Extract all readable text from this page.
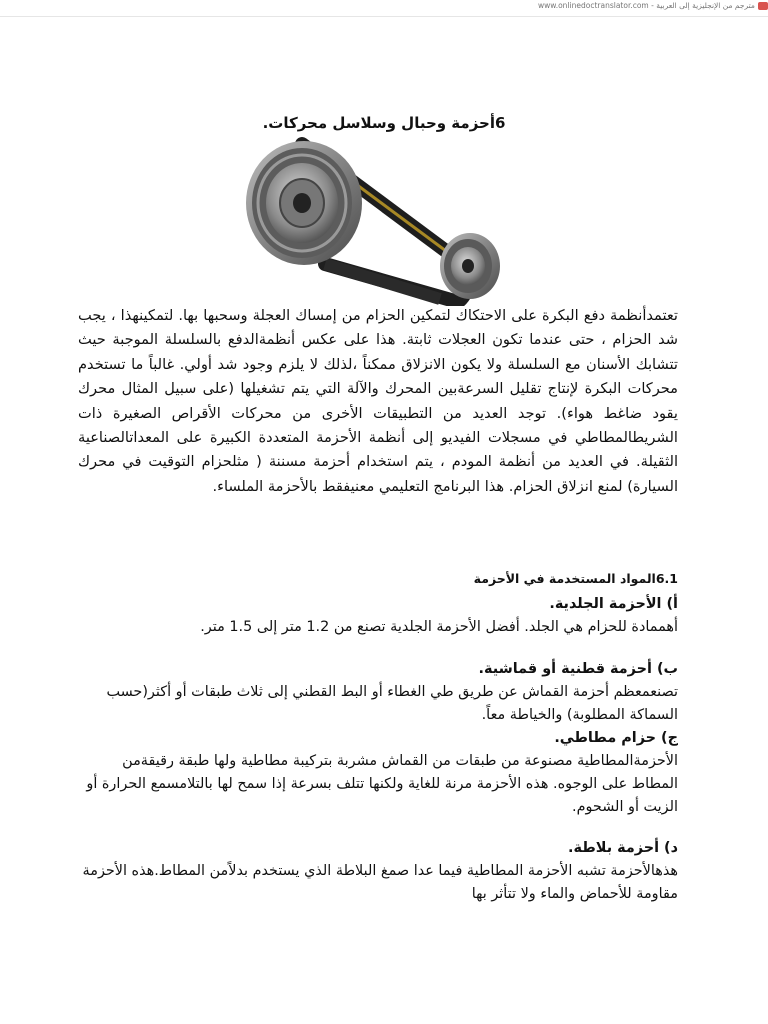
www.onlinedoctranslator.com - مترجم من الإنجليزية إلى العربية
6أحزمة وحبال وسلاسل محركات.

تعتمدأنظمة دفع البكرة على الاحتكاك لتمكين الحزام من إمساك العجلة وسحبها بها. لتمكينهذا ، يجب شد الحزام ، حتى عندما تكون العجلات ثابتة. هذا على عكس أنظمةالدفع بالسلسلة الموجبة حيث تتشابك الأسنان مع السلسلة ولا يكون الانزلاق ممكناً ،لذلك لا يلزم وجود شد أولي. غالباً ما تستخدم محركات البكرة لإنتاج تقليل السرعةبين المحرك والآلة التي يتم تشغيلها (على سبيل المثال محرك يقود ضاغط هواء). توجد العديد من التطبيقات الأخرى من محركات الأقراص الصغيرة ذات الشريطالمطاطي في مسجلات الفيديو إلى أنظمة الأحزمة المتعددة الكبيرة على المعداتالصناعية الثقيلة. في العديد من أنظمة المودم ، يتم استخدام أحزمة مسننة ( مثلحزام التوقيت في محرك السيارة) لمنع انزلاق الحزام. هذا البرنامج التعليمي معنيفقط بالأحزمة الملساء.

6.1المواد المستخدمة في الأحزمة
أ) الأحزمة الجلدية.

أهممادة للحزام هي الجلد. أفضل الأحزمة الجلدية تصنع من 1.2 متر إلى 1.5 متر.

ب) أحزمة قطنية أو قماشية.

تصنعمعظم أحزمة القماش عن طريق طي الغطاء أو البط القطني إلى ثلاث طبقات أو أكثر(حسب السماكة المطلوبة) والخياطة معاً.

ج) حزام مطاطي.

الأحزمةالمطاطية مصنوعة من طبقات من القماش مشربة بتركيبة مطاطية ولها طبقة رقيقةمن المطاط على الوجوه. هذه الأحزمة مرنة للغاية ولكنها تتلف بسرعة إذا سمح لها بالتلامسمع الحرارة أو الزيت أو الشحوم.

د) أحزمة بلاطة.

هذهالأحزمة تشبه الأحزمة المطاطية فيما عدا صمغ البلاطة الذي يستخدم بدلاًمن المطاط.هذه الأحزمة مقاومة للأحماض والماء ولا تتأثر بها
